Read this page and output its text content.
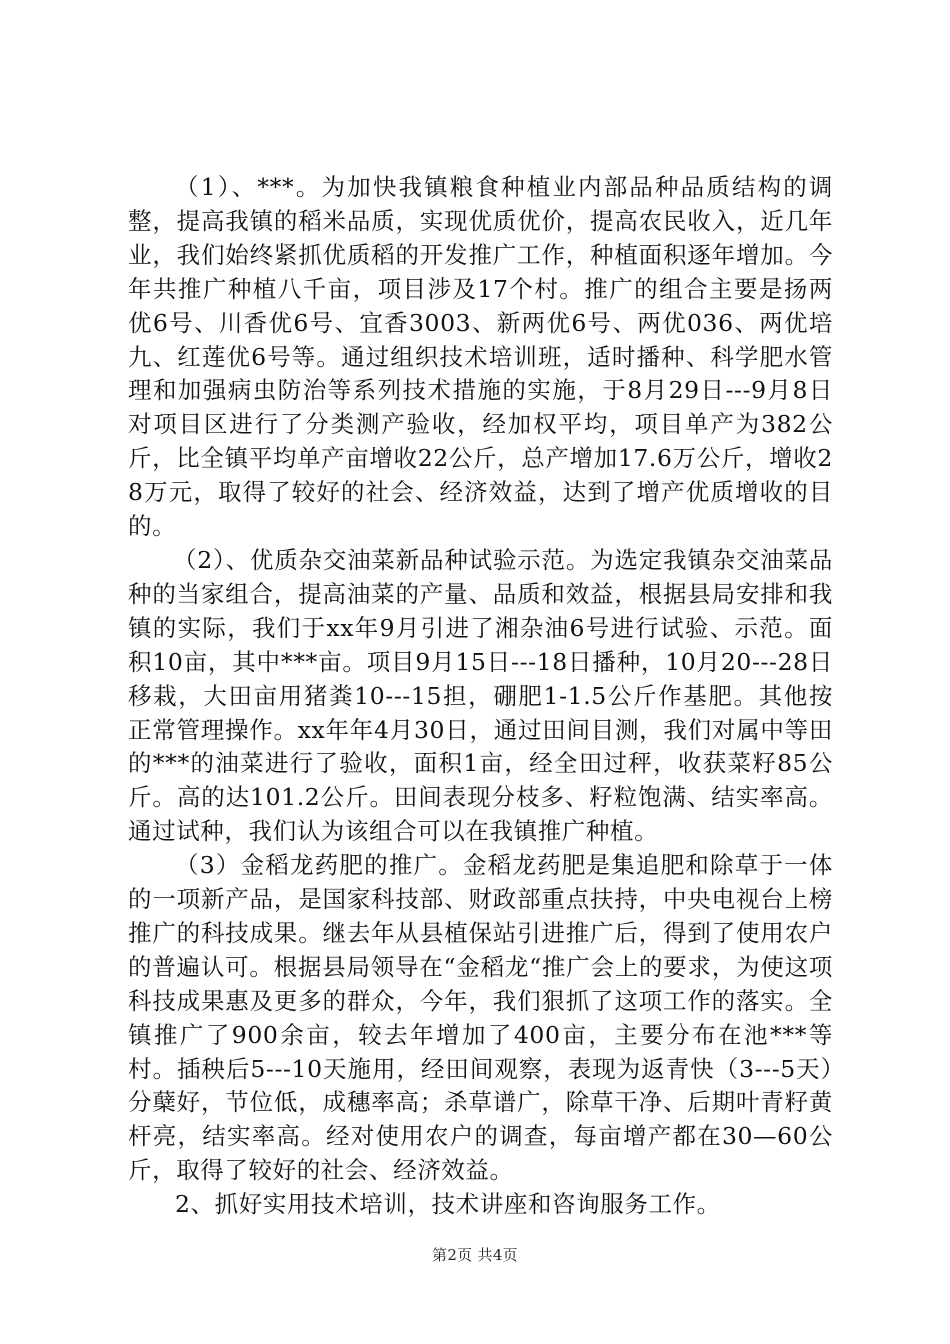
（1）、***。为加快我镇粮食种植业内部品种品质结构的调整，提高我镇的稻米品质，实现优质优价，提高农民收入，近几年业，我们始终紧抓优质稻的开发推广工作，种植面积逐年增加。今年共推广种植八千亩，项目涉及17个村。推广的组合主要是扬两优6号、川香优6号、宜香3003、新两优6号、两优036、两优培九、红莲优6号等。通过组织技术培训班，适时播种、科学肥水管理和加强病虫防治等系列技术措施的实施，于8月29日---9月8日对项目区进行了分类测产验收，经加权平均，项目单产为382公斤，比全镇平均单产亩增收22公斤，总产增加17.6万公斤，增收28万元，取得了较好的社会、经济效益，达到了增产优质增收的目的。

（2）、优质杂交油菜新品种试验示范。为选定我镇杂交油菜品种的当家组合，提高油菜的产量、品质和效益，根据县局安排和我镇的实际，我们于xx年9月引进了湘杂油6号进行试验、示范。面积10亩，其中***亩。项目9月15日---18日播种，10月20---28日移栽，大田亩用猪粪10---15担，硼肥1-1.5公斤作基肥。其他按正常管理操作。xx年年4月30日，通过田间目测，我们对属中等田的***的油菜进行了验收，面积1亩，经全田过秤，收获菜籽85公斤。高的达101.2公斤。田间表现分枝多、籽粒饱满、结实率高。通过试种，我们认为该组合可以在我镇推广种植。

（3）金稻龙药肥的推广。金稻龙药肥是集追肥和除草于一体的一项新产品，是国家科技部、财政部重点扶持，中央电视台上榜推广的科技成果。继去年从县植保站引进推广后，得到了使用农户的普遍认可。根据县局领导在“金稻龙“推广会上的要求，为使这项科技成果惠及更多的群众，今年，我们狠抓了这项工作的落实。全镇推广了900余亩，较去年增加了400亩，主要分布在池***等村。插秧后5---10天施用，经田间观察，表现为返青快（3---5天）分蘖好，节位低，成穗率高；杀草谱广，除草干净、后期叶青籽黄杆亮，结实率高。经对使用农户的调查，每亩增产都在30—60公斤，取得了较好的社会、经济效益。

2、抓好实用技术培训，技术讲座和咨询服务工作。

第2页 共4页
